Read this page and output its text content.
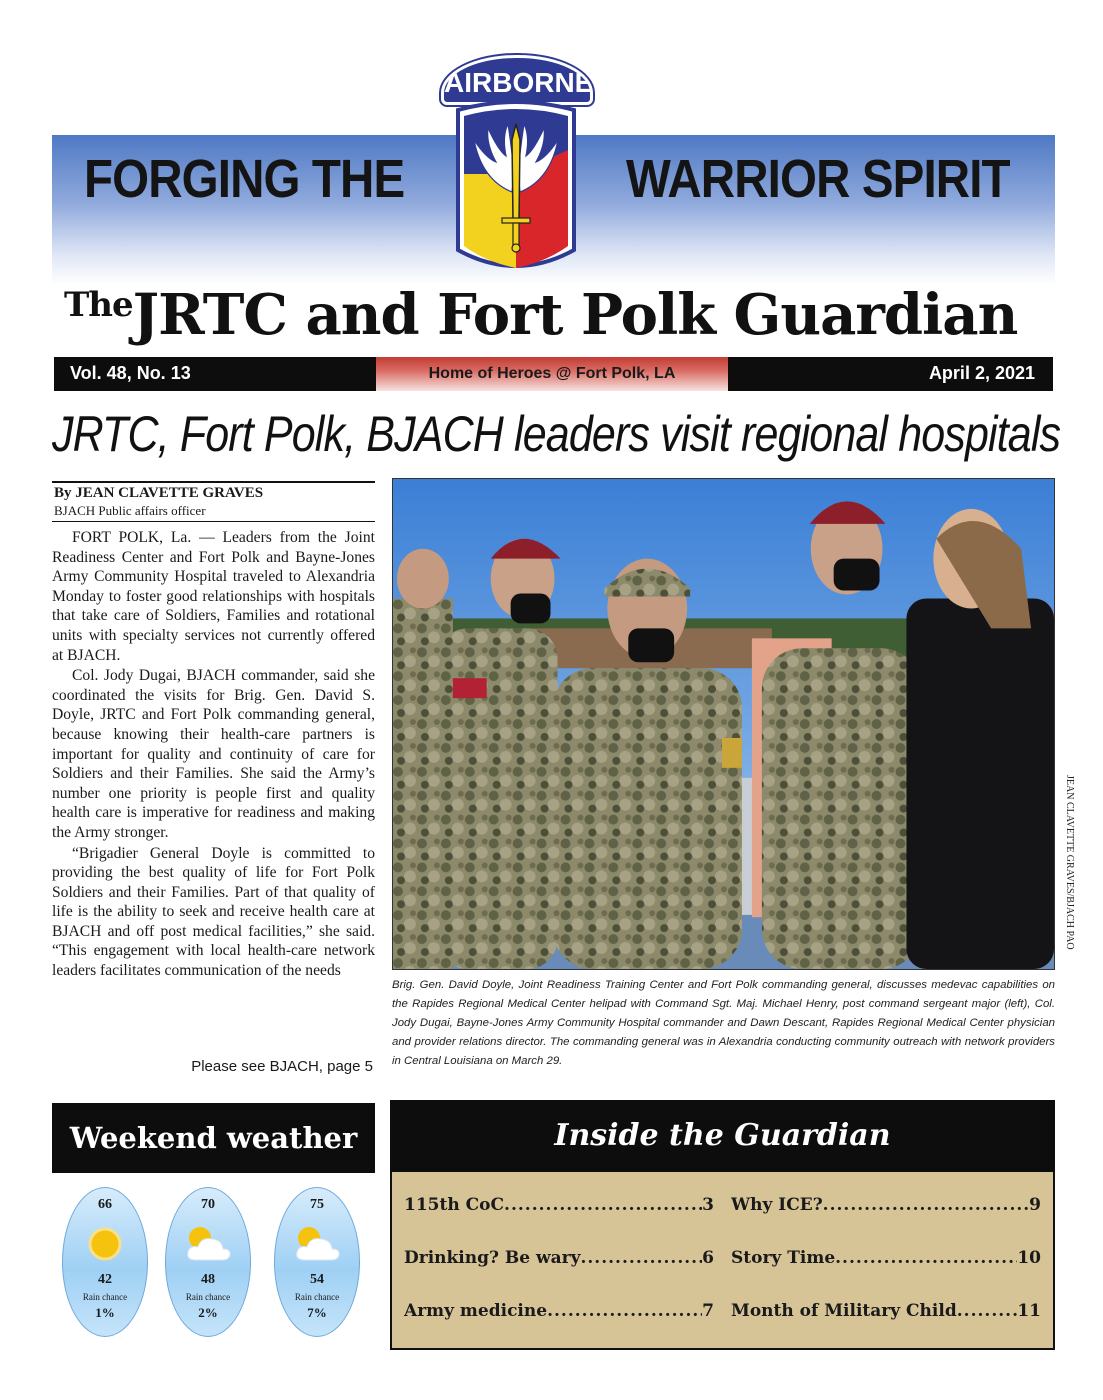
FORGING THE	WARRIOR SPIRIT
AIRBORNE
TheJRTC and Fort Polk Guardian
Vol. 48, No. 13	Home of Heroes @ Fort Polk, LA	April 2, 2021
JRTC, Fort Polk, BJACH leaders visit regional hospitals
By JEAN CLAVETTE GRAVES
BJACH Public affairs officer

FORT POLK, La. — Leaders from the Joint Readiness Center and Fort Polk and Bayne-Jones Army Community Hospital traveled to Alexandria Monday to foster good relationships with hospitals that take care of Soldiers, Families and rotational units with specialty services not currently offered at BJACH.

Col. Jody Dugai, BJACH commander, said she coordinated the visits for Brig. Gen. David S. Doyle, JRTC and Fort Polk commanding general, because knowing their health-care partners is important for quality and continuity of care for Soldiers and their Families. She said the Army’s number one priority is people first and quality health care is imperative for readiness and making the Army stronger.

“Brigadier General Doyle is committed to providing the best quality of life for Fort Polk Soldiers and their Families. Part of that quality of life is the ability to seek and receive health care at BJACH and off post medical facilities,” she said. “This engagement with local health-care network leaders facilitates communication of the needs

Please see BJACH, page 5
JEAN CLAVETTE GRAVES/BJACH PAO
Brig. Gen. David Doyle, Joint Readiness Training Center and Fort Polk commanding general, discusses medevac capabilities on the Rapides Regional Medical Center helipad with Command Sgt. Maj. Michael Henry, post command sergeant major (left), Col. Jody Dugai, Bayne-Jones Army Community Hospital commander and Dawn Descant, Rapides Regional Medical Center physician and provider relations director. The commanding general was in Alexandria conducting community outreach with network providers in Central Louisiana on March 29.
Weekend weather
66
42
Rain chance
1%
70
48
Rain chance
2%
75
54
Rain chance
7%
Inside the Guardian
115th CoC .....	3
Drinking? Be wary .....	6
Army medicine .....	7
Why ICE? .....	9
Story Time .....	10
Month of Military Child .....	11
